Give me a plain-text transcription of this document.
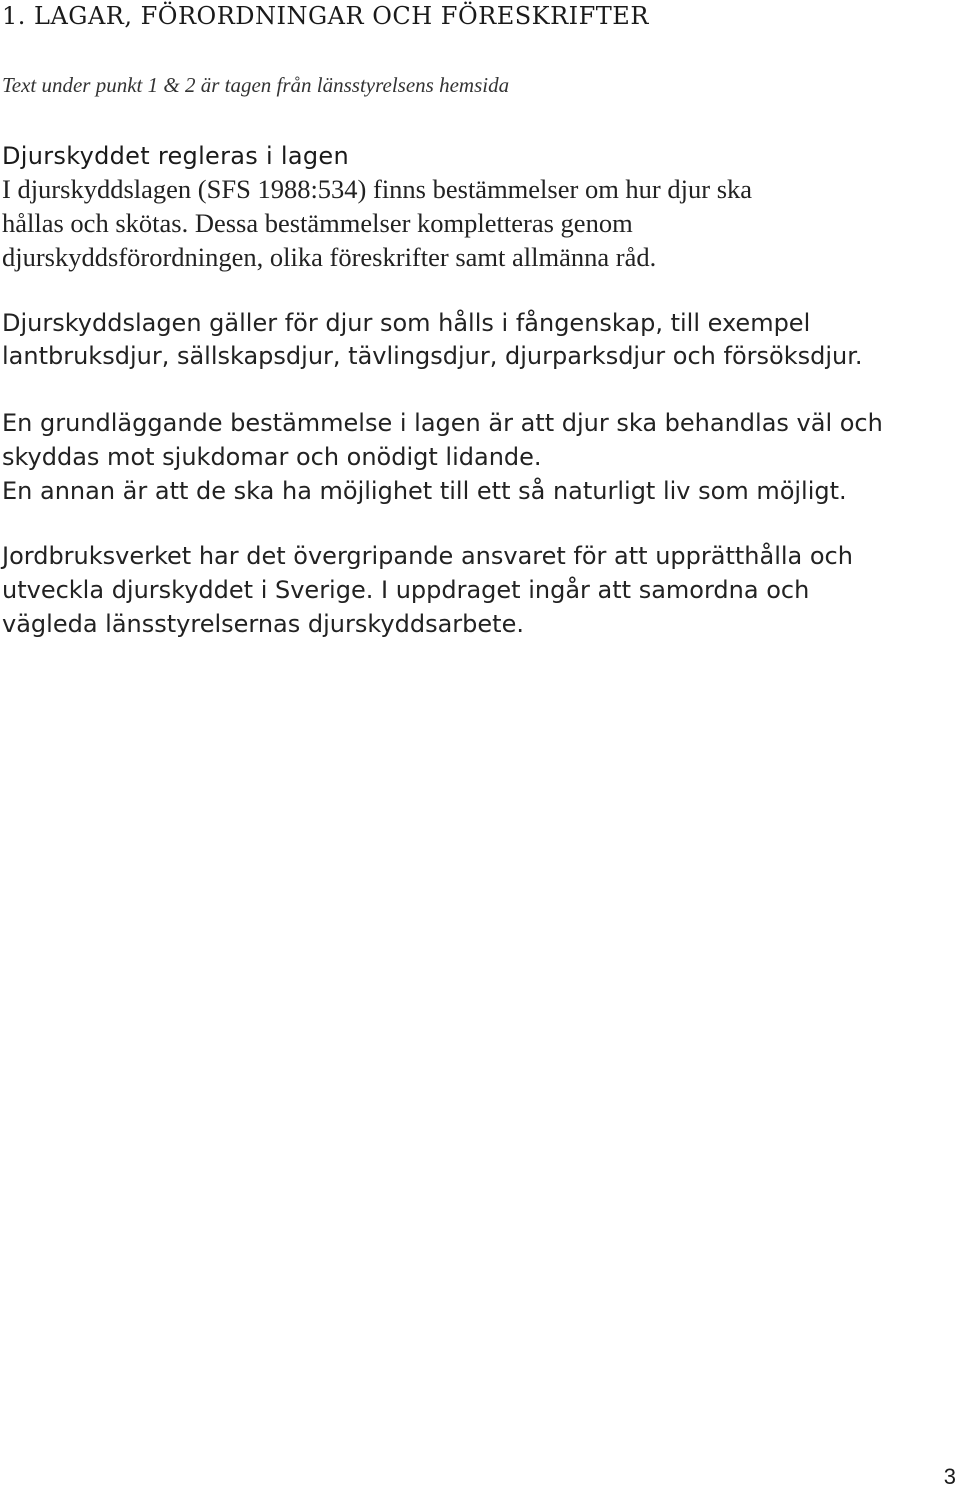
1. LAGAR, FÖRORDNINGAR OCH FÖRESKRIFTER
Text under punkt 1 & 2 är tagen från länsstyrelsens hemsida
Djurskyddet regleras i lagen
I djurskyddslagen (SFS 1988:534) finns bestämmelser om hur djur ska
hållas och skötas. Dessa bestämmelser kompletteras genom
djurskyddsförordningen, olika föreskrifter samt allmänna råd.
Djurskyddslagen gäller för djur som hålls i fångenskap, till exempel
lantbruksdjur, sällskapsdjur, tävlingsdjur, djurparksdjur och försöksdjur.
En grundläggande bestämmelse i lagen är att djur ska behandlas väl och
skyddas mot sjukdomar och onödigt lidande.
En annan är att de ska ha möjlighet till ett så naturligt liv som möjligt.
Jordbruksverket har det övergripande ansvaret för att upprätthålla och
utveckla djurskyddet i Sverige. I uppdraget ingår att samordna och
vägleda länsstyrelsernas djurskyddsarbete.
3
